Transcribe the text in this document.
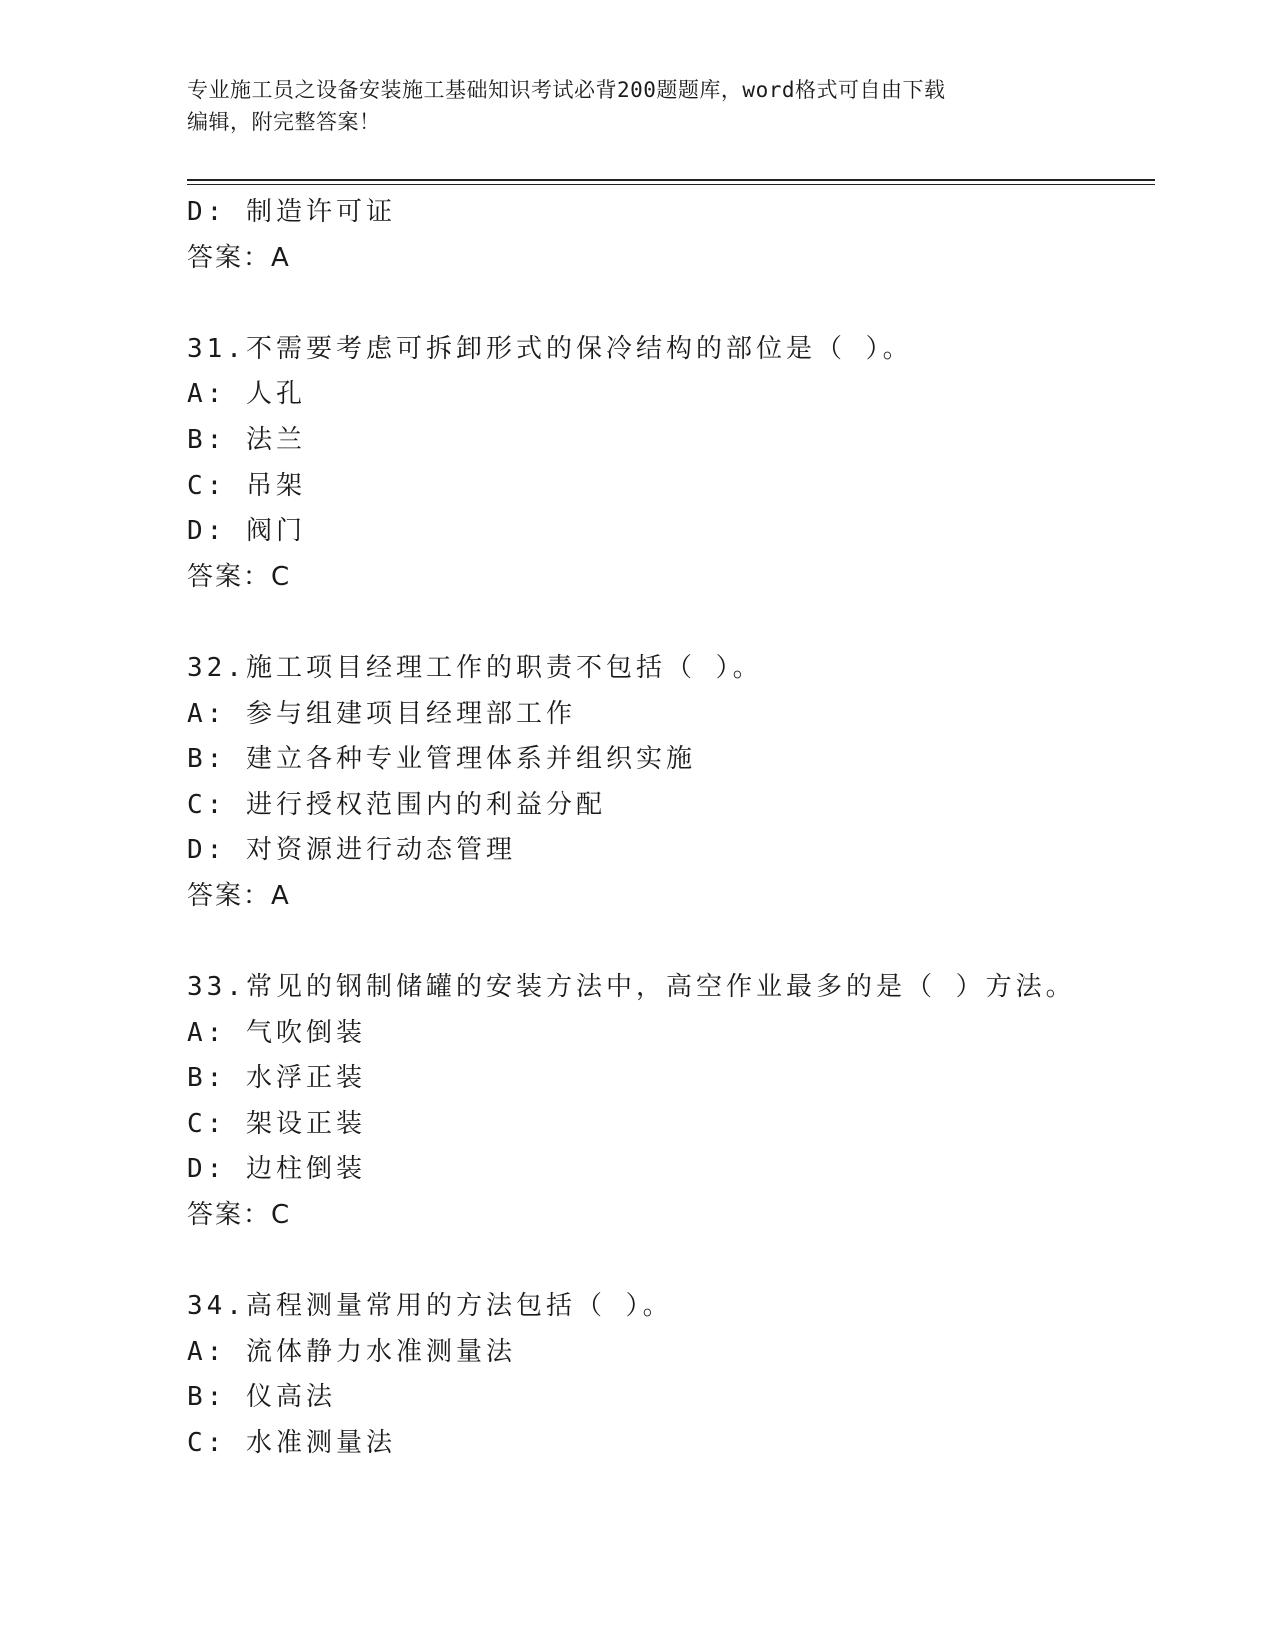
专业施工员之设备安装施工基础知识考试必背200题题库，word格式可自由下载
编辑，附完整答案！
D: 制造许可证
答案：A
31.不需要考虑可拆卸形式的保冷结构的部位是（ ）。
A: 人孔
B: 法兰
C: 吊架
D: 阀门
答案：C
32.施工项目经理工作的职责不包括（ ）。
A: 参与组建项目经理部工作
B: 建立各种专业管理体系并组织实施
C: 进行授权范围内的利益分配
D: 对资源进行动态管理
答案：A
33.常见的钢制储罐的安装方法中，高空作业最多的是（ ）方法。
A: 气吹倒装
B: 水浮正装
C: 架设正装
D: 边柱倒装
答案：C
34.高程测量常用的方法包括（ ）。
A: 流体静力水准测量法
B: 仪高法
C: 水准测量法
